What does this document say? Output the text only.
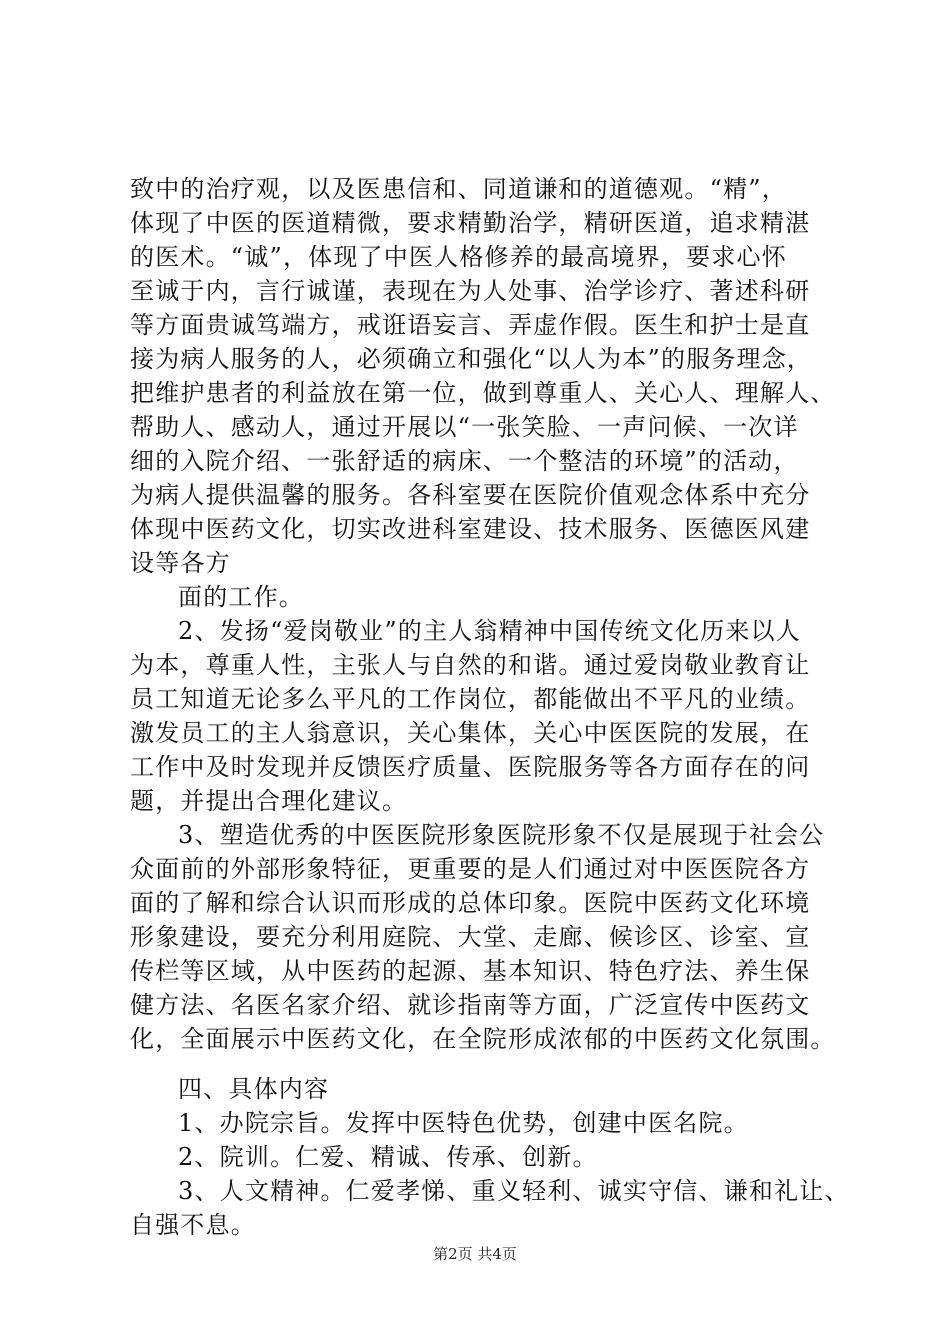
致中的治疗观，以及医患信和、同道谦和的道德观。“精”，
体现了中医的医道精微，要求精勤治学，精研医道，追求精湛
的医术。“诚”，体现了中医人格修养的最高境界，要求心怀
至诚于内，言行诚谨，表现在为人处事、治学诊疗、著述科研
等方面贵诚笃端方，戒诳语妄言、弄虚作假。医生和护士是直
接为病人服务的人，必须确立和强化“以人为本”的服务理念，
把维护患者的利益放在第一位，做到尊重人、关心人、理解人、
帮助人、感动人，通过开展以“一张笑脸、一声问候、一次详
细的入院介绍、一张舒适的病床、一个整洁的环境”的活动，
为病人提供温馨的服务。各科室要在医院价值观念体系中充分
体现中医药文化，切实改进科室建设、技术服务、医德医风建
设等各方
面的工作。
2、发扬“爱岗敬业”的主人翁精神中国传统文化历来以人
为本，尊重人性，主张人与自然的和谐。通过爱岗敬业教育让
员工知道无论多么平凡的工作岗位，都能做出不平凡的业绩。
激发员工的主人翁意识，关心集体，关心中医医院的发展，在
工作中及时发现并反馈医疗质量、医院服务等各方面存在的问
题，并提出合理化建议。
3、塑造优秀的中医医院形象医院形象不仅是展现于社会公
众面前的外部形象特征，更重要的是人们通过对中医医院各方
面的了解和综合认识而形成的总体印象。医院中医药文化环境
形象建设，要充分利用庭院、大堂、走廊、候诊区、诊室、宣
传栏等区域，从中医药的起源、基本知识、特色疗法、养生保
健方法、名医名家介绍、就诊指南等方面，广泛宣传中医药文
化，全面展示中医药文化，在全院形成浓郁的中医药文化氛围。
四、具体内容
1、办院宗旨。发挥中医特色优势，创建中医名院。
2、院训。仁爱、精诚、传承、创新。
3、人文精神。仁爱孝悌、重义轻利、诚实守信、谦和礼让、
自强不息。
第2页 共4页
